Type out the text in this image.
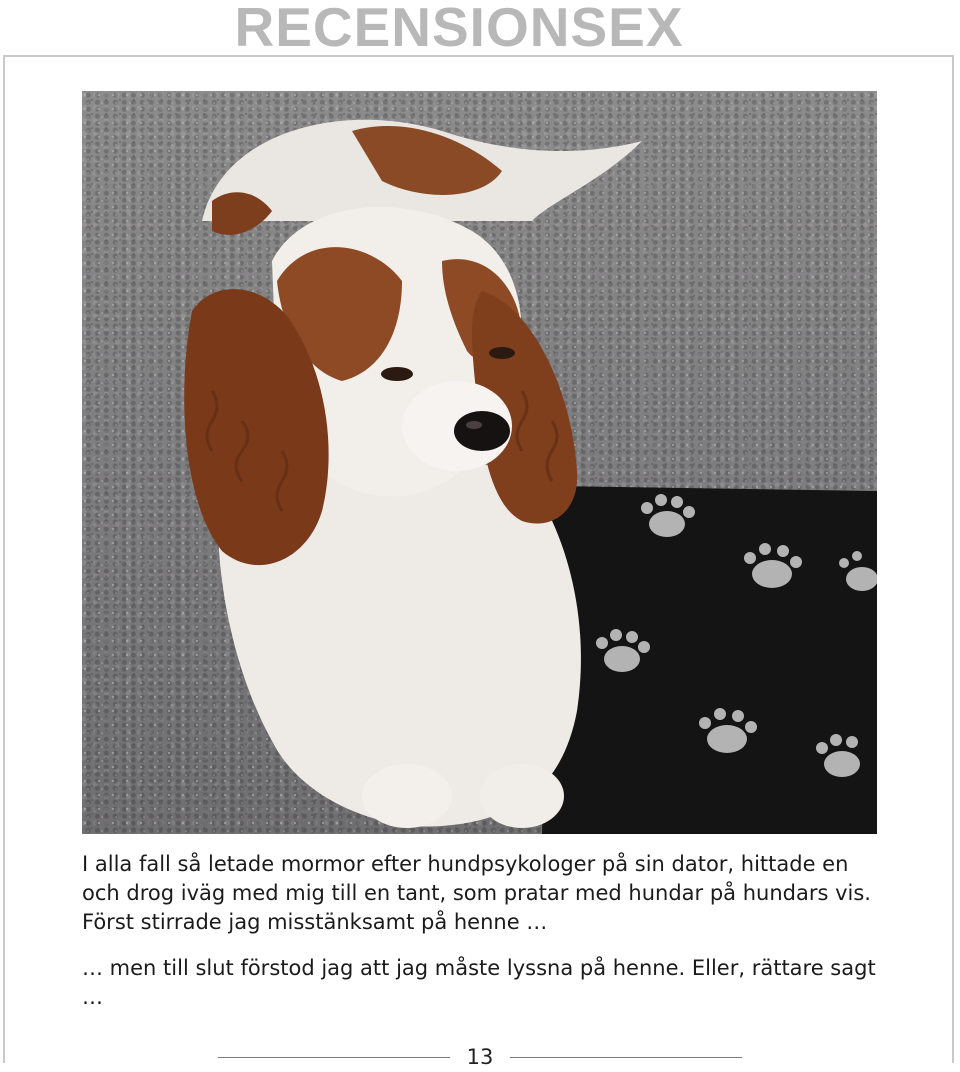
RECENSIONSEX

I alla fall så letade mormor efter hundpsykologer på sin dator, hittade en och drog iväg med mig till en tant, som pratar med hundar på hundars vis. Först stirrade jag misstänksamt på henne …

… men till slut förstod jag att jag måste lyssna på henne. Eller, rättare sagt …

13
